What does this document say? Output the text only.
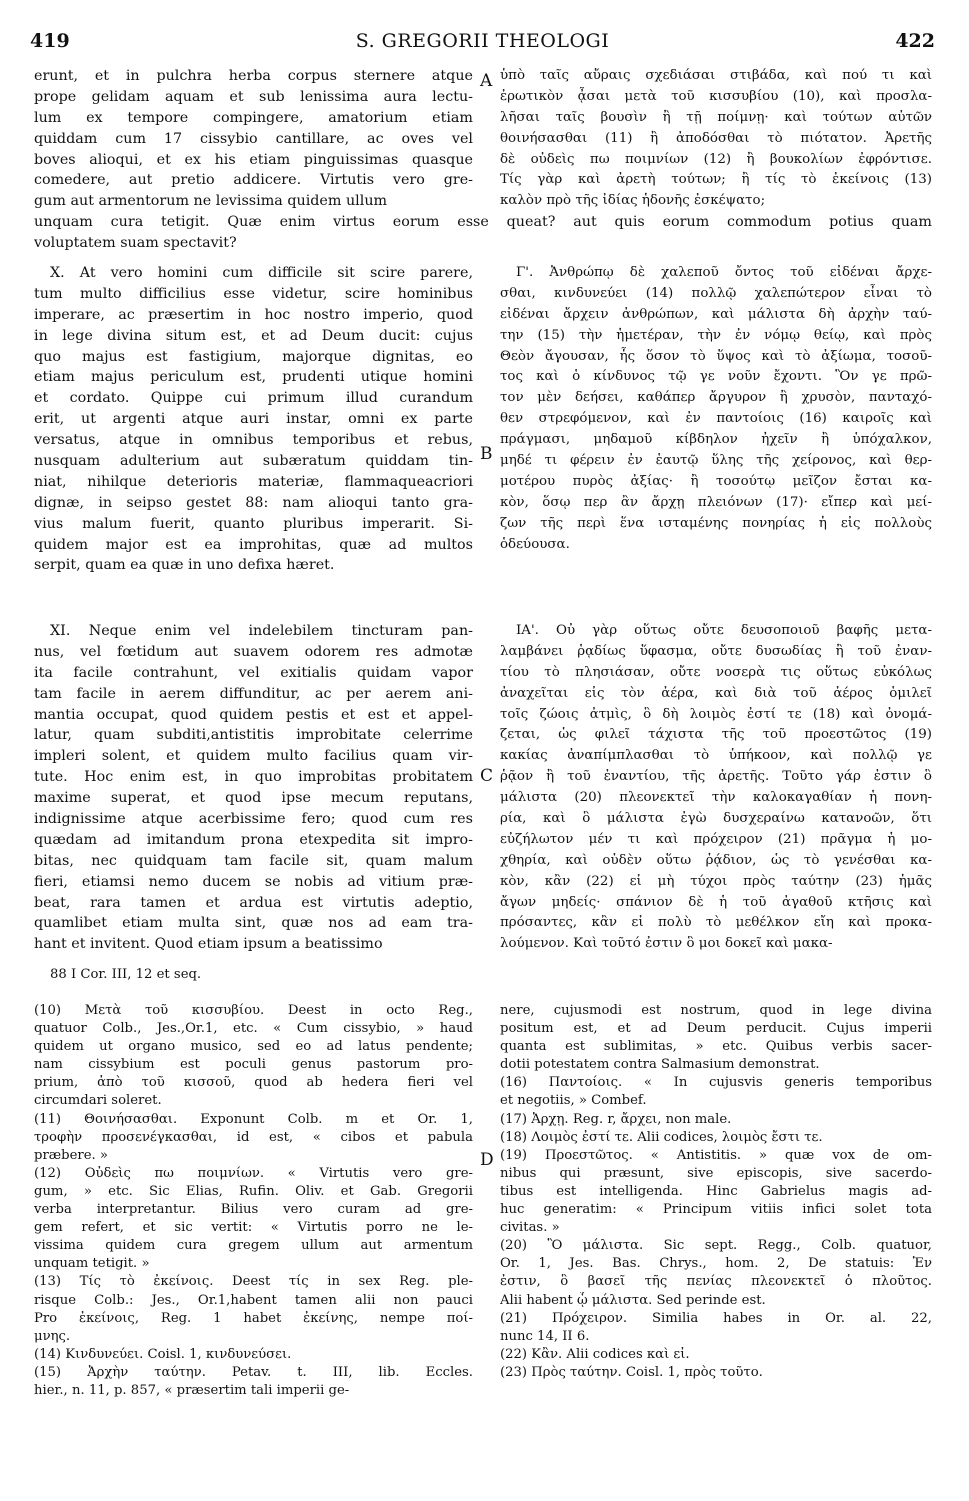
419	S. GREGORII THEOLOGI	422
A
B
C
D
erunt, et in pulchra herba corpus sternere atque
prope gelidam aquam et sub lenissima aura lectu-
lum ex tempore compingere, amatorium etiam
quiddam cum 17 cissybio cantillare, ac oves vel
boves alioqui, et ex his etiam pinguissimas quasque
comedere, aut pretio addicere. Virtutis vero gre-
gum aut armentorum ne levissima quidem ullum
ὑπὸ ταῖς αὔραις σχεδιάσαι στιβάδα, καὶ πού τι καὶ
ἐρωτικὸν ᾆσαι μετὰ τοῦ κισσυβίου (10), καὶ προσλα-
λῆσαι ταῖς βουσὶν ἢ τῇ ποίμνῃ· καὶ τούτων αὐτῶν
θοινήσασθαι (11) ἢ ἀποδόσθαι τὸ πιότατον. Ἀρετῆς
δὲ οὐδεὶς πω ποιμνίων (12) ἢ βουκολίων ἐφρόντισε.
Τίς γὰρ καὶ ἀρετὴ τούτων; ἢ τίς τὸ ἐκείνοις (13)
καλὸν πρὸ τῆς ἰδίας ἡδονῆς ἐσκέψατο;
unquam cura tetigit. Quæ enim virtus eorum esse queat? aut quis eorum commodum potius quam
voluptatem suam spectavit?
X. At vero homini cum difficile sit scire parere,
tum multo difficilius esse videtur, scire hominibus
imperare, ac præsertim in hoc nostro imperio, quod
in lege divina situm est, et ad Deum ducit: cujus
quo majus est fastigium, majorque dignitas, eo
etiam majus periculum est, prudenti utique homini
et cordato. Quippe cui primum illud curandum
erit, ut argenti atque auri instar, omni ex parte
versatus, atque in omnibus temporibus et rebus,
nusquam adulterium aut subæratum quiddam tin-
niat, nihilque deterioris materiæ, flammaqueacriori
dignæ, in seipso gestet 88: nam alioqui tanto gra-
vius malum fuerit, quanto pluribus imperarit. Si-
quidem major est ea improhitas, quæ ad multos
serpit, quam ea quæ in uno defixa hæret.
Γ'. Ἀνθρώπῳ δὲ χαλεποῦ ὄντος τοῦ εἰδέναι ἄρχε-
σθαι, κινδυνεύει (14) πολλῷ χαλεπώτερον εἶναι τὸ
εἰδέναι ἄρχειν ἀνθρώπων, καὶ μάλιστα δὴ ἀρχὴν ταύ-
την (15) τὴν ἡμετέραν, τὴν ἐν νόμῳ θείῳ, καὶ πρὸς
Θεὸν ἄγουσαν, ἧς ὅσον τὸ ὕψος καὶ τὸ ἀξίωμα, τοσοῦ-
τος καὶ ὁ κίνδυνος τῷ γε νοῦν ἔχοντι. Ὃν γε πρῶ-
τον μὲν δεήσει, καθάπερ ἄργυρον ἢ χρυσὸν, πανταχό-
θεν στρεφόμενον, καὶ ἐν παντοίοις (16) καιροῖς καὶ
πράγμασι, μηδαμοῦ κίβδηλον ἠχεῖν ἢ ὑπόχαλκον,
μηδέ τι φέρειν ἐν ἑαυτῷ ὕλης τῆς χείρονος, καὶ θερ-
μοτέρου πυρὸς ἀξίας· ἢ τοσούτῳ μεῖζον ἔσται κα-
κὸν, ὅσῳ περ ἂν ἄρχῃ πλειόνων (17)· εἴπερ καὶ μεί-
ζων τῆς περὶ ἕνα ισταμένης πονηρίας ἡ εἰς πολλοὺς
ὁδεύουσα.
XI. Neque enim vel indelebilem tincturam pan-
nus, vel fœtidum aut suavem odorem res admotæ
ita facile contrahunt, vel exitialis quidam vapor
tam facile in aerem diffunditur, ac per aerem ani-
mantia occupat, quod quidem pestis et est et appel-
latur, quam subditi,antistitis improbitate celerrime
impleri solent, et quidem multo facilius quam vir-
tute. Hoc enim est, in quo improbitas probitatem
maxime superat, et quod ipse mecum reputans,
indignissime atque acerbissime fero; quod cum res
quædam ad imitandum prona etexpedita sit impro-
bitas, nec quidquam tam facile sit, quam malum
fieri, etiamsi nemo ducem se nobis ad vitium præ-
beat, rara tamen et ardua est virtutis adeptio,
quamlibet etiam multa sint, quæ nos ad eam tra-
hant et invitent. Quod etiam ipsum a beatissimo
ΙΑ'. Οὐ γὰρ οὕτως οὔτε δευσοποιοῦ βαφῆς μετα-
λαμβάνει ῥᾳδίως ὕφασμα, οὔτε δυσωδίας ἢ τοῦ ἐναν-
τίου τὸ πλησιάσαν, οὔτε νοσερὰ τις οὕτως εὐκόλως
ἀναχεῖται εἰς τὸν ἀέρα, καὶ διὰ τοῦ ἀέρος ὁμιλεῖ
τοῖς ζώοις ἀτμὶς, ὃ δὴ λοιμὸς ἐστί τε (18) καὶ ὀνομά-
ζεται, ὡς φιλεῖ τάχιστα τῆς τοῦ προεστῶτος (19)
κακίας ἀναπίμπλασθαι τὸ ὑπήκοον, καὶ πολλῷ γε
ῥᾷον ἢ τοῦ ἐναντίου, τῆς ἀρετῆς. Τοῦτο γάρ ἐστιν ὃ
μάλιστα (20) πλεονεκτεῖ τὴν καλοκαγαθίαν ἡ πονη-
ρία, καὶ ὃ μάλιστα ἐγὼ δυσχεραίνω κατανοῶν, ὅτι
εὐζήλωτον μέν τι καὶ πρόχειρον (21) πρᾶγμα ἡ μο-
χθηρία, καὶ οὐδὲν οὕτω ῥᾴδιον, ὡς τὸ γενέσθαι κα-
κὸν, κἂν (22) εἰ μὴ τύχοι πρὸς ταύτην (23) ἡμᾶς
ἄγων μηδείς· σπάνιον δὲ ἡ τοῦ ἀγαθοῦ κτῆσις καὶ
πρόσαντες, κἂν εἰ πολὺ τὸ μεθέλκον εἴη καὶ προκα-
λούμενον. Καὶ τοῦτό ἐστιν ὃ μοι δοκεῖ καὶ μακα-
88 I Cor. III, 12 et seq.
(10) Μετὰ τοῦ κισσυβίου. Deest in octo Reg.,
quatuor Colb., Jes.,Or.1, etc. « Cum cissybio, » haud
quidem ut organo musico, sed eo ad latus pendente;
nam cissybium est poculi genus pastorum pro-
prium, ἀπὸ τοῦ κισσοῦ, quod ab hedera fieri vel
circumdari soleret.
(11) Θοινήσασθαι. Exponunt Colb. m et Or. 1,
τροφὴν προσενέγκασθαι, id est, « cibos et pabula
præbere. »
(12) Οὐδεὶς πω ποιμνίων. « Virtutis vero gre-
gum, » etc. Sic Elias, Rufin. Oliv. et Gab. Gregorii
verba interpretantur. Bilius vero curam ad gre-
gem refert, et sic vertit: « Virtutis porro ne le-
vissima quidem cura gregem ullum aut armentum
unquam tetigit. »
(13) Τίς τὸ ἐκείνοις. Deest τίς in sex Reg. ple-
risque Colb.: Jes., Or.1,habent tamen alii non pauci
Pro ἐκείνοις, Reg. 1 habet ἐκείνης, nempe ποί-
μνης.
(14) Κινδυνεύει. Coisl. 1, κινδυνεύσει.
(15) Ἀρχὴν ταύτην. Petav. t. III, lib. Eccles.
hier., n. 11, p. 857, « præsertim tali imperii ge-
nere, cujusmodi est nostrum, quod in lege divina
positum est, et ad Deum perducit. Cujus imperii
quanta est sublimitas, » etc. Quibus verbis sacer-
dotii potestatem contra Salmasium demonstrat.
(16) Παντοίοις. « In cujusvis generis temporibus
et negotiis, » Combef.
(17) Ἀρχῃ. Reg. r, ἄρχει, non male.
(18) Λοιμὸς ἐστί τε. Alii codices, λοιμὸς ἔστι τε.
(19) Προεστῶτος. « Antistitis. » quæ vox de om-
nibus qui præsunt, sive episcopis, sive sacerdo-
tibus est intelligenda. Hinc Gabrielus magis ad-
huc generatim: « Principum vitiis infici solet tota
civitas. »
(20) Ὃ μάλιστα. Sic sept. Regg., Colb. quatuor,
Or. 1, Jes. Bas. Chrys., hom. 2, De statuis: Ἐν
ἐστιν, ὃ βασεῖ τῆς πενίας πλεονεκτεῖ ὁ πλοῦτος.
Alii habent ᾧ μάλιστα. Sed perinde est.
(21) Πρόχειρον. Similia habes in Or. al. 22,
nunc 14, II 6.
(22) Κἂν. Alii codices καὶ εἰ.
(23) Πρὸς ταύτην. Coisl. 1, πρὸς τοῦτο.
